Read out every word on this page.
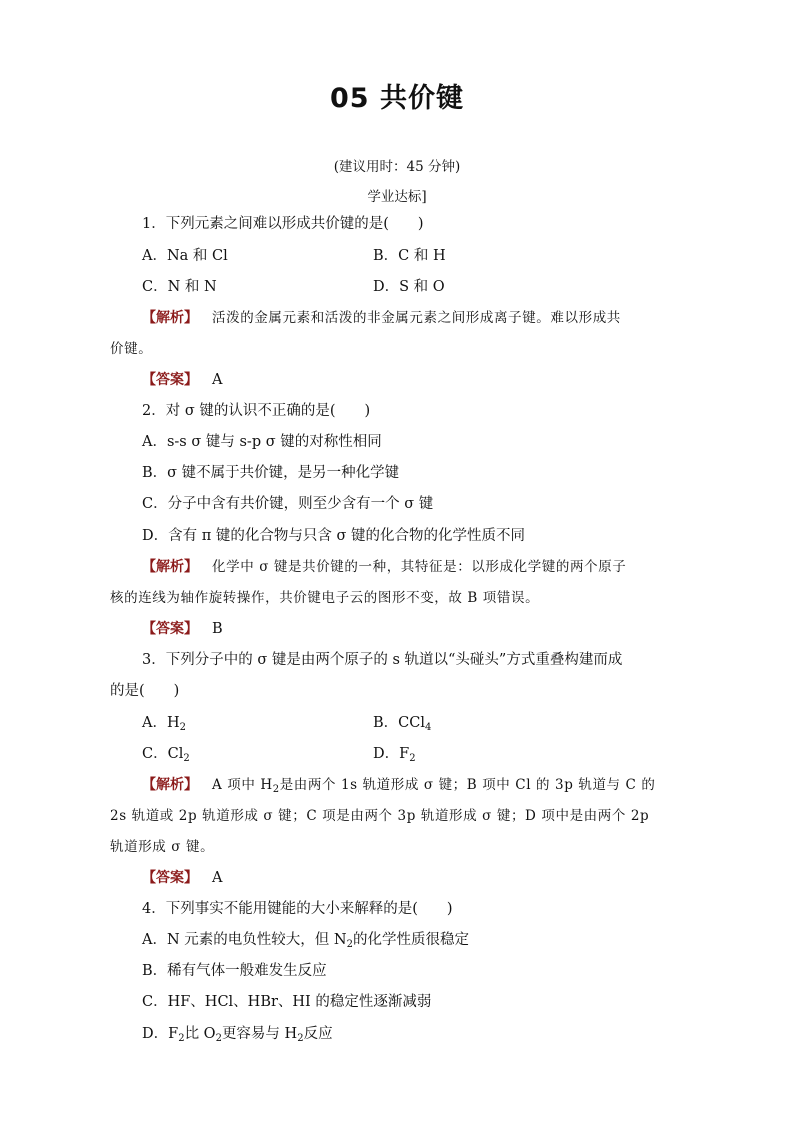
05 共价键
(建议用时：45 分钟)
学业达标]
1．下列元素之间难以形成共价键的是(　　)
A．Na 和 Cl	B．C 和 H
C．N 和 N	D．S 和 O
【解析】 活泼的金属元素和活泼的非金属元素之间形成离子键。难以形成共
价键。
【答案】 A
2．对 σ 键的认识不正确的是(　　)
A．s-s σ 键与 s-p σ 键的对称性相同
B．σ 键不属于共价键，是另一种化学键
C．分子中含有共价键，则至少含有一个 σ 键
D．含有 π 键的化合物与只含 σ 键的化合物的化学性质不同
【解析】 化学中 σ 键是共价键的一种，其特征是：以形成化学键的两个原子
核的连线为轴作旋转操作，共价键电子云的图形不变，故 B 项错误。
【答案】 B
3．下列分子中的 σ 键是由两个原子的 s 轨道以“头碰头”方式重叠构建而成
的是(　　)
A．$H_2$	B．CCl$_4$
C．$Cl_2$	D．$F_2$
【解析】 A 项中 $H_2$是由两个 1s 轨道形成 σ 键；B 项中 Cl 的 3p 轨道与 C 的
2s 轨道或 2p 轨道形成 σ 键；C 项是由两个 3p 轨道形成 σ 键；D 项中是由两个 2p
轨道形成 σ 键。
【答案】 A
4．下列事实不能用键能的大小来解释的是(　　)
A．N 元素的电负性较大，但 $N_2$的化学性质很稳定
B．稀有气体一般难发生反应
C．HF、HCl、HBr、HI 的稳定性逐渐减弱
D．$F_2$比 $O_2$更容易与 $H_2$反应
